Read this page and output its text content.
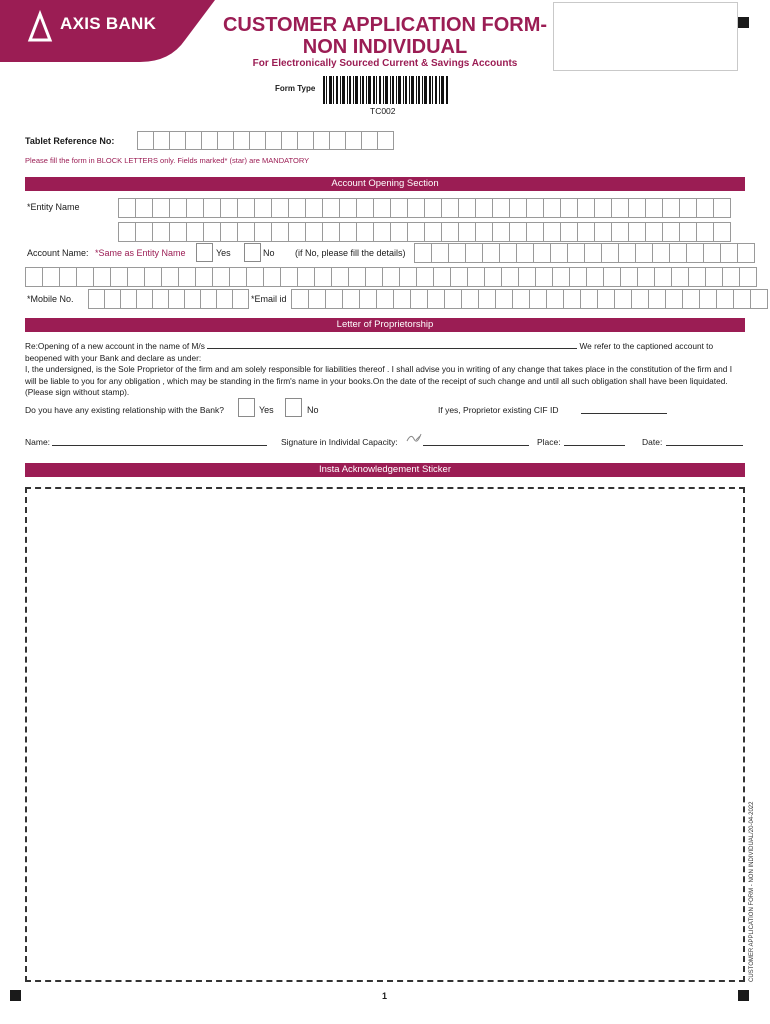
AXIS BANK	CUSTOMER APPLICATION FORM-
NON INDIVIDUAL
For Electronically Sourced Current & Savings Accounts
Form Type
TC002
Tablet Reference No:
Please fill the form in BLOCK LETTERS only. Fields marked* (star) are MANDATORY
Account Opening Section
*Entity Name
Account Name: *Same as Entity Name	Yes	No (if No, please fill the details)
*Mobile No.	*Email id
Letter of Proprietorship
Re:Opening of a new account in the name of M/s	We refer to the captioned account to
beopened with your Bank and declare as under:
I, the undersigned, is the Sole Proprietor of the firm and am solely responsible for liabilities thereof . I shall advise you in writing of any change that takes place in the constitution of the firm and I will be liable to you for any obligation , which may be standing in the firm's name in your books.On the date of the receipt of such change and until all such obligation shall have been liquidated. (Please sign without stamp).
Do you have any existing relationship with the Bank?	Yes	No	If yes, Proprietor existing CIF ID
Name:	Signature in Individal Capacity:	Place:	Date:
Insta Acknowledgement Sticker
CUSTOMER APPLICATION FORM - NON INDIVIDUAL/20-04-2022
1
